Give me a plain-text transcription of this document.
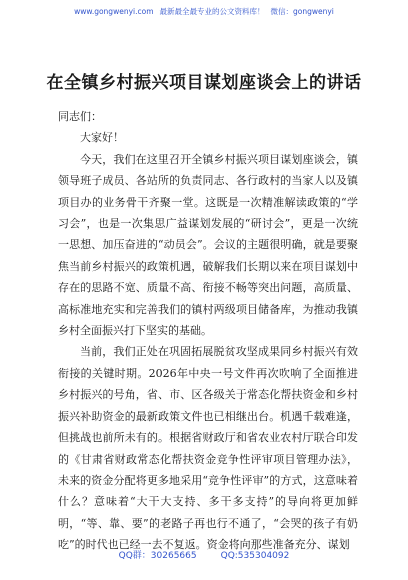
www.gongwenyi.com 最新最全最专业的公文资料库！ 微信：gongwenyi
在全镇乡村振兴项目谋划座谈会上的讲话

同志们：

大家好！

今天，我们在这里召开全镇乡村振兴项目谋划座谈会，镇领导班子成员、各站所的负责同志、各行政村的当家人以及镇项目办的业务骨干齐聚一堂。这既是一次精准解读政策的“学习会”，也是一次集思广益谋划发展的“研讨会”，更是一次统一思想、加压奋进的“动员会”。会议的主题很明确，就是要聚焦当前乡村振兴的政策机遇，破解我们长期以来在项目谋划中存在的思路不宽、质量不高、衔接不畅等突出问题，高质量、高标准地充实和完善我们的镇村两级项目储备库，为推动我镇乡村全面振兴打下坚实的基础。

当前，我们正处在巩固拓展脱贫攻坚成果同乡村振兴有效衔接的关键时期。2026年中央一号文件再次吹响了全面推进乡村振兴的号角，省、市、区各级关于常态化帮扶资金和乡村振兴补助资金的最新政策文件也已相继出台。机遇千载难逢，但挑战也前所未有的。根据省财政厅和省农业农村厅联合印发的《甘肃省财政常态化帮扶资金竞争性评审项目管理办法》，未来的资金分配将更多地采用“竞争性评审”的方式，这意味着什么？意味着“大干大支持、多干多支持”的导向将更加鲜明，“等、靠、要”的老路子再也行不通了，“会哭的孩子有奶吃”的时代也已经一去不复返。资金将向那些准备充分、谋划

QQ群：30265665	QQ:535304092
